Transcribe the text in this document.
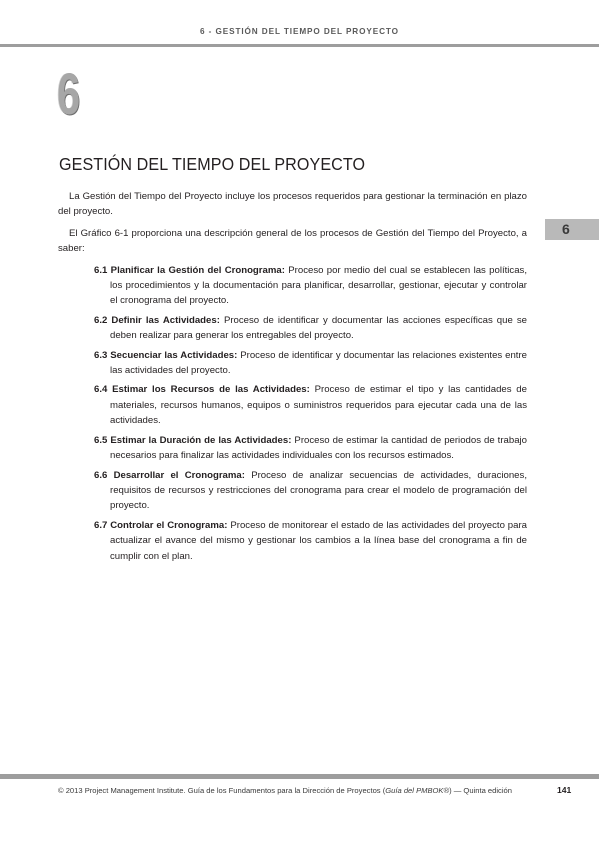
6 - GESTIÓN DEL TIEMPO DEL PROYECTO
6
GESTIÓN DEL TIEMPO DEL PROYECTO
6

La Gestión del Tiempo del Proyecto incluye los procesos requeridos para gestionar la terminación en plazo del proyecto.

El Gráfico 6-1 proporciona una descripción general de los procesos de Gestión del Tiempo del Proyecto, a saber:

6.1 Planificar la Gestión del Cronograma: Proceso por medio del cual se establecen las políticas, los procedimientos y la documentación para planificar, desarrollar, gestionar, ejecutar y controlar el cronograma del proyecto.
6.2 Definir las Actividades: Proceso de identificar y documentar las acciones específicas que se deben realizar para generar los entregables del proyecto.
6.3 Secuenciar las Actividades: Proceso de identificar y documentar las relaciones existentes entre las actividades del proyecto.
6.4 Estimar los Recursos de las Actividades: Proceso de estimar el tipo y las cantidades de materiales, recursos humanos, equipos o suministros requeridos para ejecutar cada una de las actividades.
6.5 Estimar la Duración de las Actividades: Proceso de estimar la cantidad de periodos de trabajo necesarios para finalizar las actividades individuales con los recursos estimados.
6.6 Desarrollar el Cronograma: Proceso de analizar secuencias de actividades, duraciones, requisitos de recursos y restricciones del cronograma para crear el modelo de programación del proyecto.
6.7 Controlar el Cronograma: Proceso de monitorear el estado de las actividades del proyecto para actualizar el avance del mismo y gestionar los cambios a la línea base del cronograma a fin de cumplir con el plan.
© 2013 Project Management Institute. Guía de los Fundamentos para la Dirección de Proyectos (Guía del PMBOK®) — Quinta edición	141
